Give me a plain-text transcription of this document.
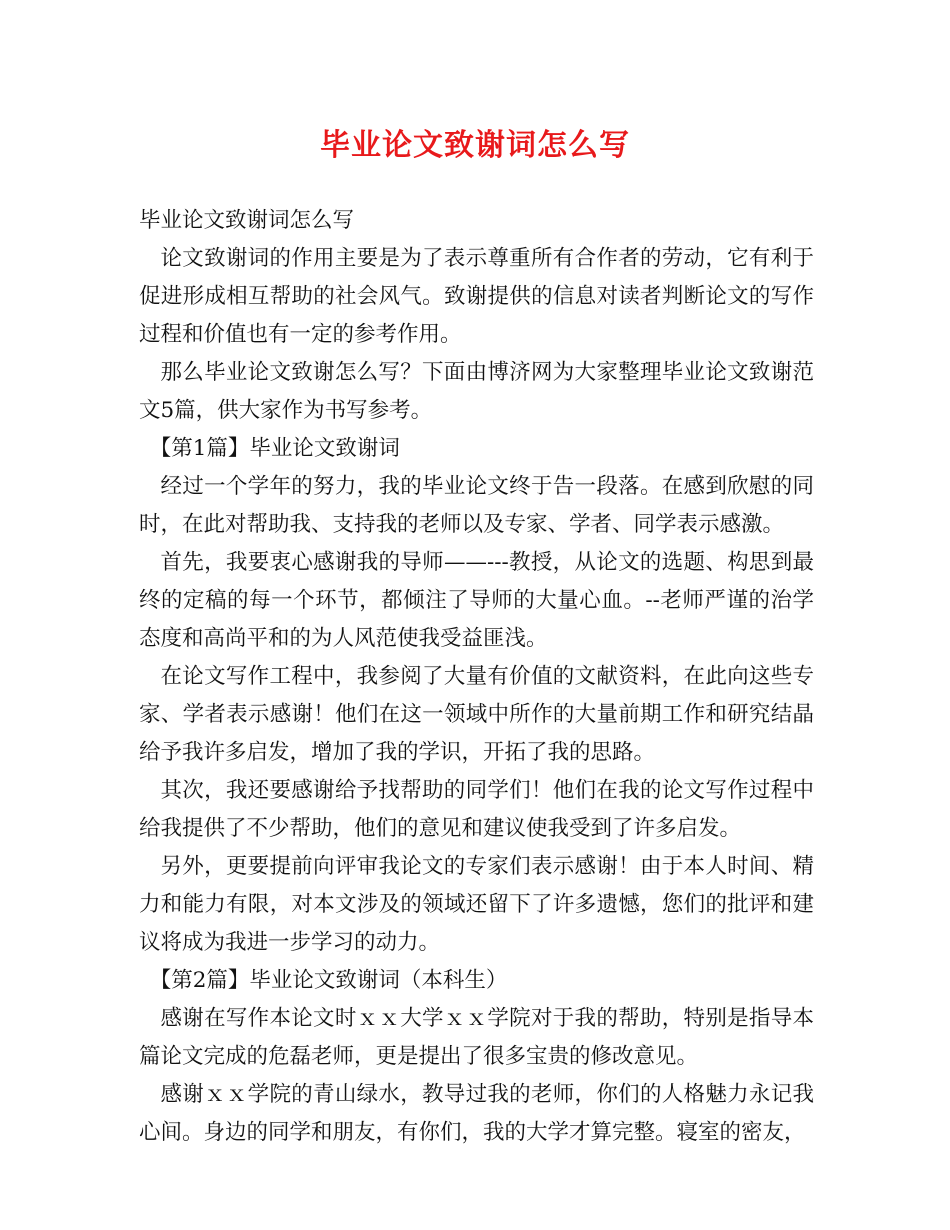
毕业论文致谢词怎么写

毕业论文致谢词怎么写

论文致谢词的作用主要是为了表示尊重所有合作者的劳动，它有利于促进形成相互帮助的社会风气。致谢提供的信息对读者判断论文的写作过程和价值也有一定的参考作用。

那么毕业论文致谢怎么写？下面由博济网为大家整理毕业论文致谢范文5篇，供大家作为书写参考。

【第1篇】毕业论文致谢词

经过一个学年的努力，我的毕业论文终于告一段落。在感到欣慰的同时，在此对帮助我、支持我的老师以及专家、学者、同学表示感激。

首先，我要衷心感谢我的导师——---教授，从论文的选题、构思到最终的定稿的每一个环节，都倾注了导师的大量心血。--老师严谨的治学态度和高尚平和的为人风范使我受益匪浅。

在论文写作工程中，我参阅了大量有价值的文献资料，在此向这些专家、学者表示感谢！他们在这一领域中所作的大量前期工作和研究结晶给予我许多启发，增加了我的学识，开拓了我的思路。

其次，我还要感谢给予找帮助的同学们！他们在我的论文写作过程中给我提供了不少帮助，他们的意见和建议使我受到了许多启发。

另外，更要提前向评审我论文的专家们表示感谢！由于本人时间、精力和能力有限，对本文涉及的领域还留下了许多遗憾，您们的批评和建议将成为我进一步学习的动力。

【第2篇】毕业论文致谢词（本科生）

感谢在写作本论文时ｘｘ大学ｘｘ学院对于我的帮助，特别是指导本篇论文完成的危磊老师，更是提出了很多宝贵的修改意见。

感谢ｘｘ学院的青山绿水，教导过我的老师，你们的人格魅力永记我心间。身边的同学和朋友，有你们，我的大学才算完整。寝室的密友，
